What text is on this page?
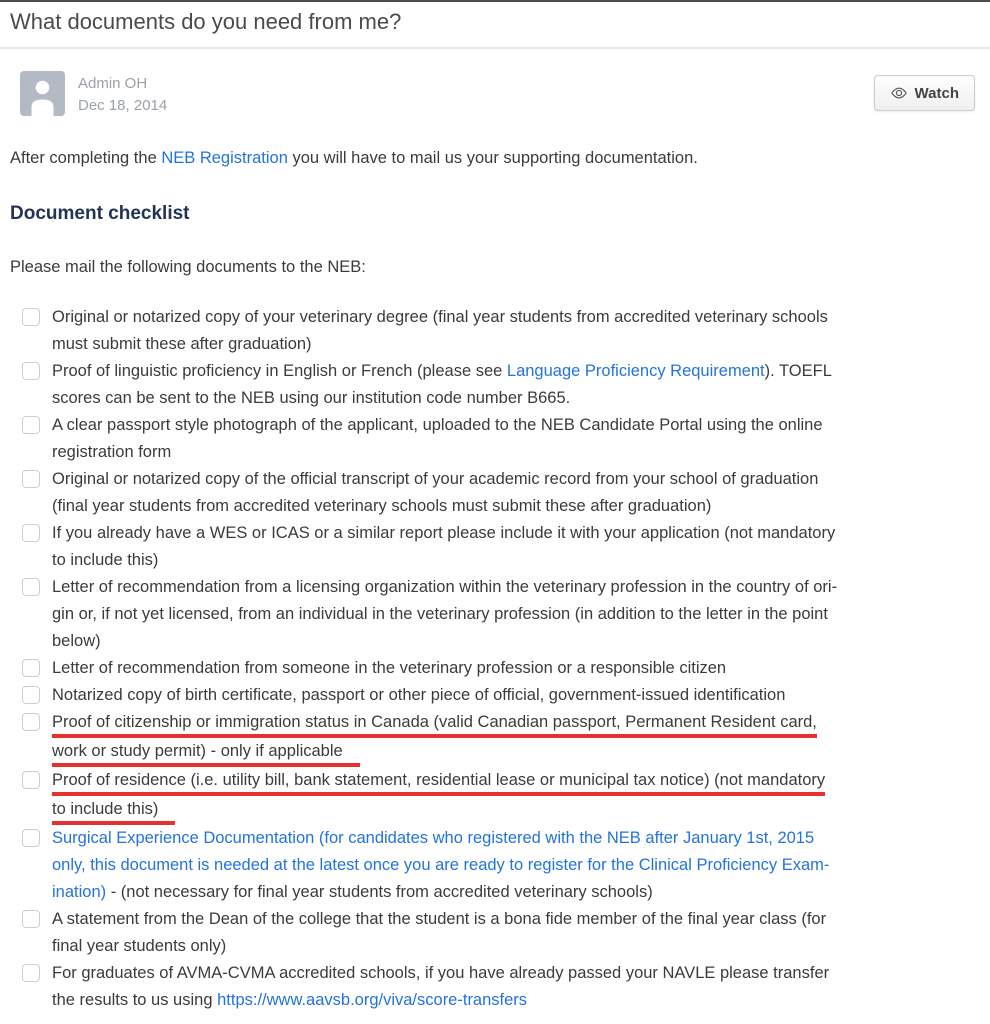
What documents do you need from me?
Admin OH
Dec 18, 2014
Watch

After completing the NEB Registration you will have to mail us your supporting documentation.

Document checklist

Please mail the following documents to the NEB:

Original or notarized copy of your veterinary degree (final year students from accredited veterinary schools
must submit these after graduation)
Proof of linguistic proficiency in English or French (please see Language Proficiency Requirement). TOEFL
scores can be sent to the NEB using our institution code number B665.
A clear passport style photograph of the applicant, uploaded to the NEB Candidate Portal using the online
registration form
Original or notarized copy of the official transcript of your academic record from your school of graduation
(final year students from accredited veterinary schools must submit these after graduation)
If you already have a WES or ICAS or a similar report please include it with your application (not mandatory
to include this)
Letter of recommendation from a licensing organization within the veterinary profession in the country of ori-
gin or, if not yet licensed, from an individual in the veterinary profession (in addition to the letter in the point
below)
Letter of recommendation from someone in the veterinary profession or a responsible citizen
Notarized copy of birth certificate, passport or other piece of official, government-issued identification
Proof of citizenship or immigration status in Canada (valid Canadian passport, Permanent Resident card,
work or study permit) - only if applicable
Proof of residence (i.e. utility bill, bank statement, residential lease or municipal tax notice) (not mandatory
to include this)
Surgical Experience Documentation (for candidates who registered with the NEB after January 1st, 2015
only, this document is needed at the latest once you are ready to register for the Clinical Proficiency Exam-
ination) - (not necessary for final year students from accredited veterinary schools)
A statement from the Dean of the college that the student is a bona fide member of the final year class (for
final year students only)
For graduates of AVMA-CVMA accredited schools, if you have already passed your NAVLE please transfer
the results to us using https://www.aavsb.org/viva/score-transfers
